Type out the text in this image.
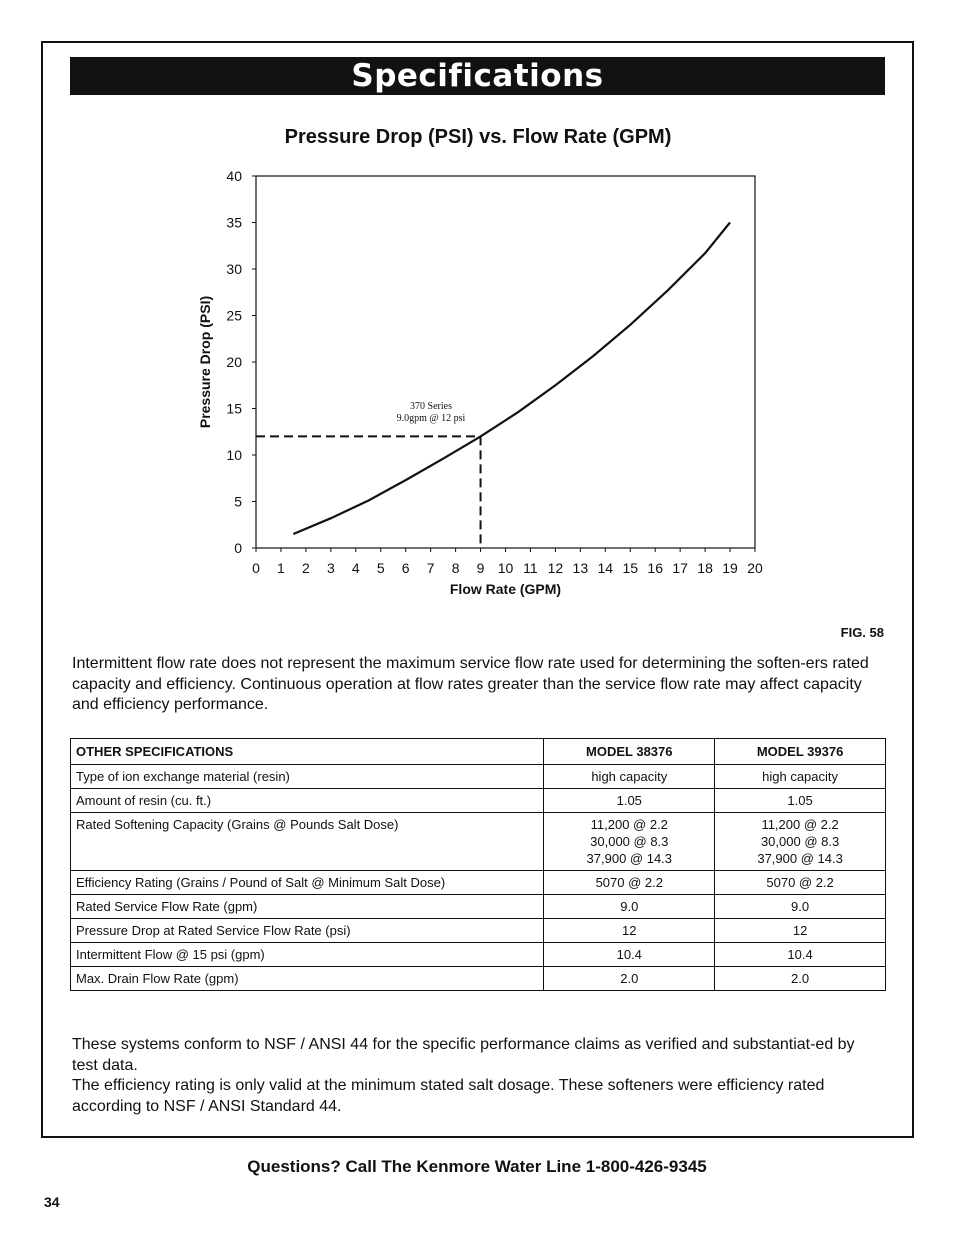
Specifications
Pressure Drop (PSI) vs. Flow Rate (GPM)
0
5
10
15
20
25
30
35
40
0 1 2 3 4 5 6 7 8 9 10 11 12 13 14 15 16 17 18 19 20
Flow Rate (GPM)
Pressure Drop (PSI)	370 Series
9.0gpm @ 12 psi
FIG. 58
Intermittent flow rate does not represent the maximum service flow rate used for determining the soften-ers rated capacity and efficiency. Continuous operation at flow rates greater than the service flow rate may affect capacity and efficiency performance.
OTHER SPECIFICATIONS	MODEL 38376	MODEL 39376
Type of ion exchange material (resin)	high capacity	high capacity

Amount of resin (cu. ft.)	1.05	1.05

Rated Softening Capacity (Grains @ Pounds Salt Dose)	11,200 @ 2.2
30,000 @ 8.3
37,900 @ 14.3	11,200 @ 2.2
30,000 @ 8.3
37,900 @ 14.3

Efficiency Rating (Grains / Pound of Salt @ Minimum Salt Dose)	5070 @ 2.2	5070 @ 2.2

Rated Service Flow Rate (gpm)	9.0	9.0

Pressure Drop at Rated Service Flow Rate (psi)	12	12

Intermittent Flow @ 15 psi (gpm)	10.4	10.4

Max. Drain Flow Rate (gpm)	2.0	2.0
These systems conform to NSF / ANSI 44 for the specific performance claims as verified and substantiat-ed by test data.
The efficiency rating is only valid at the minimum stated salt dosage. These softeners were efficiency rated according to NSF / ANSI Standard 44.
Questions? Call The Kenmore Water Line 1-800-426-9345
34
